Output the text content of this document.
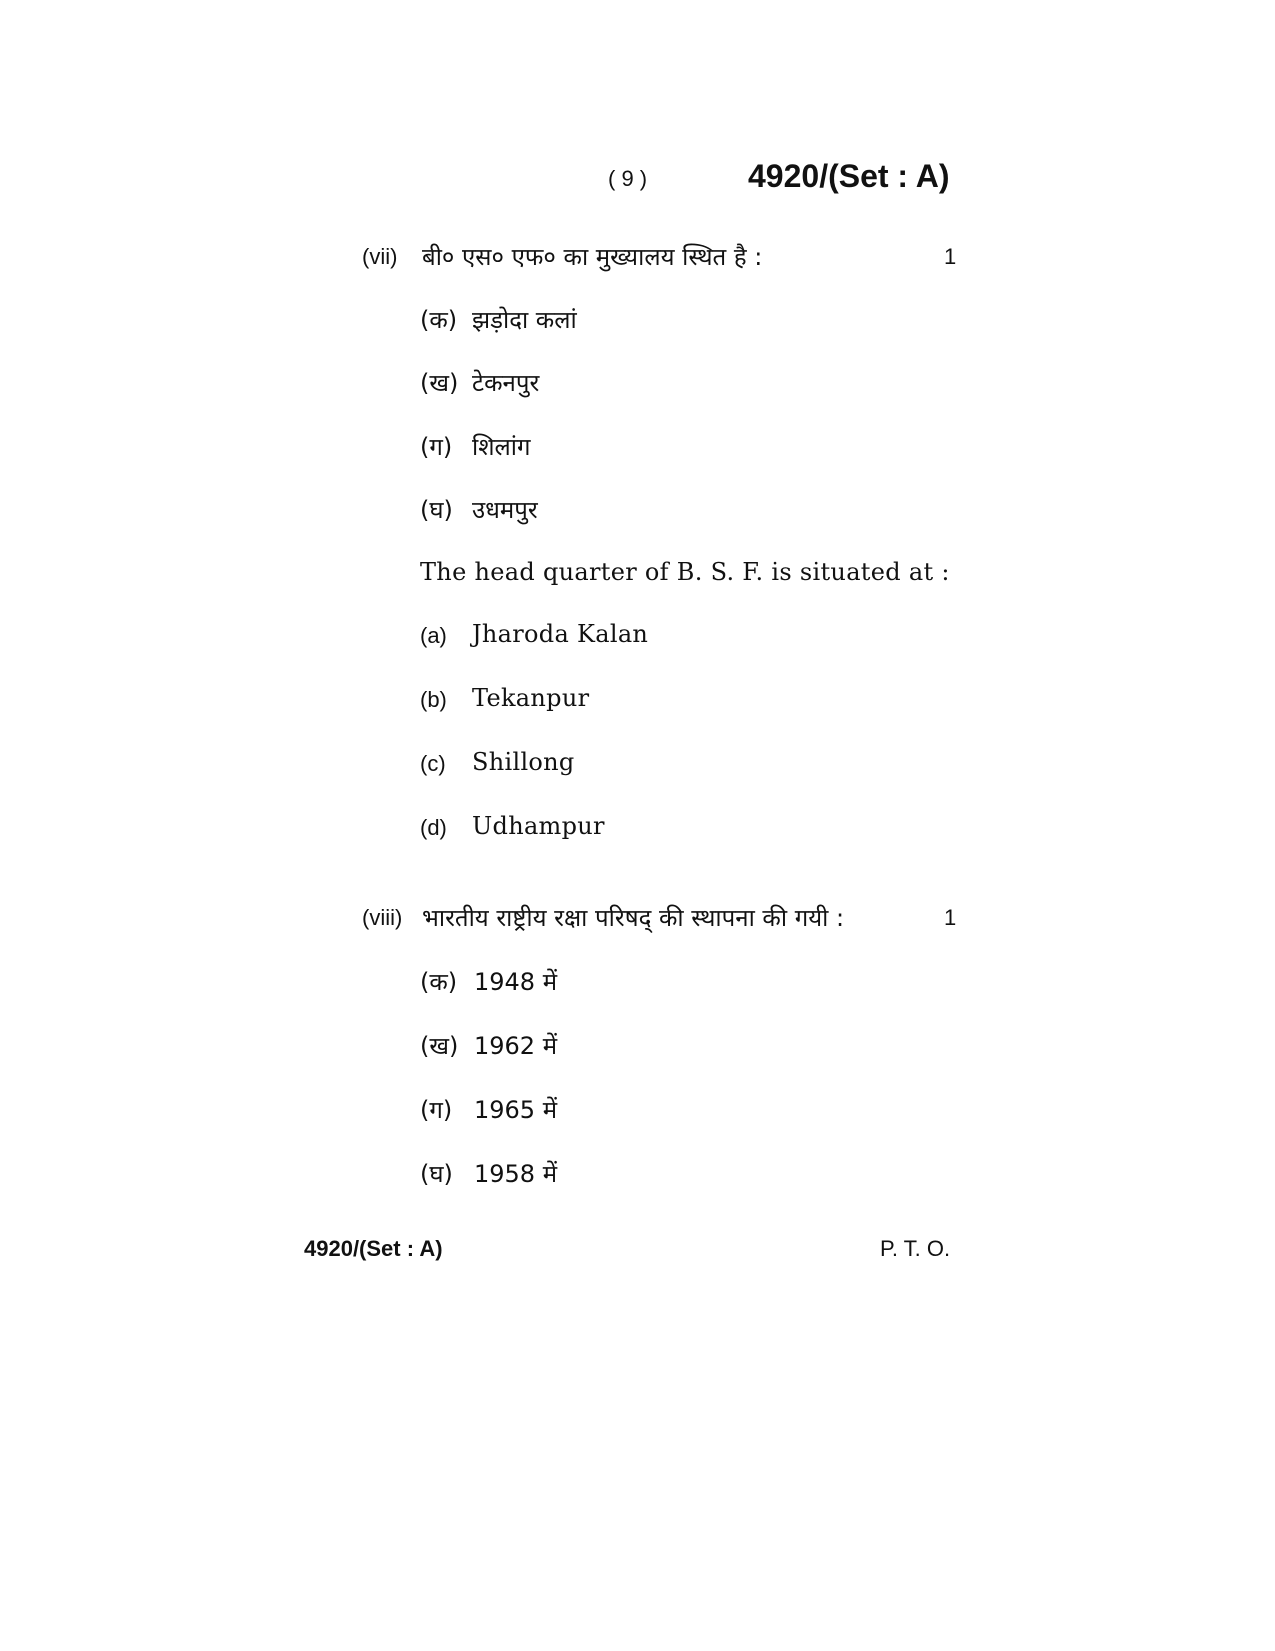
( 9 )	4920/(Set : A)
(vii) बी० एस० एफ० का मुख्यालय स्थित है :	1
(क) झड़ोदा कलां
(ख) टेकनपुर
(ग) शिलांग
(घ) उधमपुर
The head quarter of B. S. F. is situated at :
(a) Jharoda Kalan
(b) Tekanpur
(c) Shillong
(d) Udhampur
(viii) भारतीय राष्ट्रीय रक्षा परिषद् की स्थापना की गयी :	1
(क) 1948 में
(ख) 1962 में
(ग) 1965 में
(घ) 1958 में
4920/(Set : A)	P. T. O.
